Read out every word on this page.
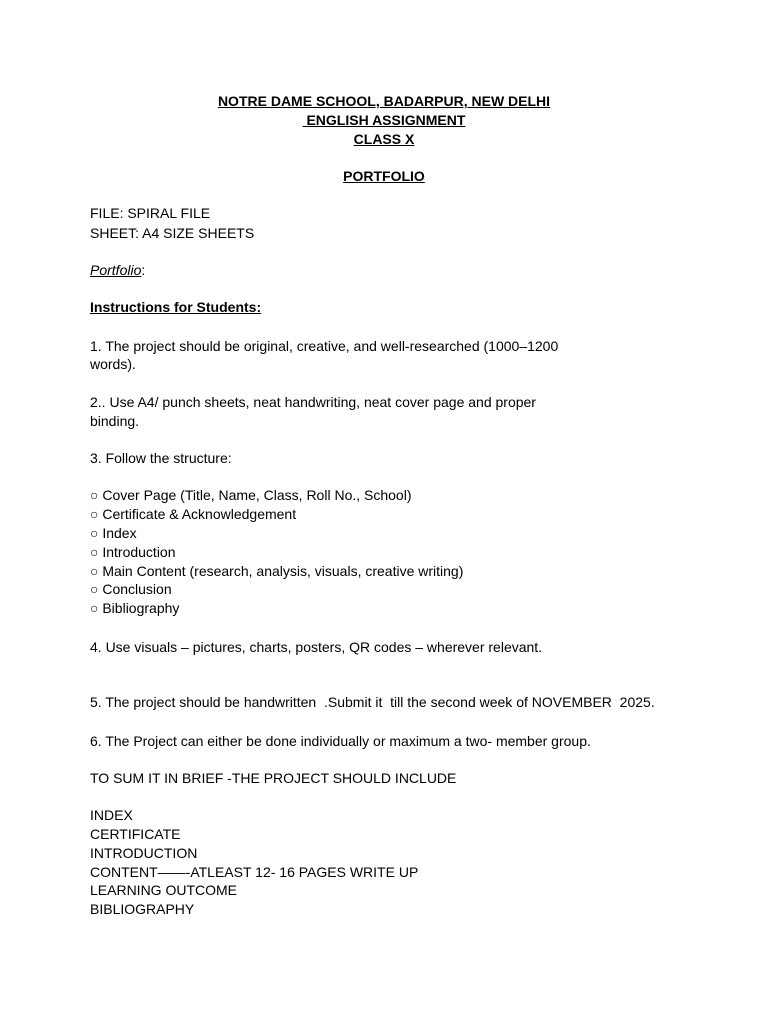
NOTRE DAME SCHOOL, BADARPUR, NEW DELHI
ENGLISH ASSIGNMENT
CLASS X
PORTFOLIO
FILE: SPIRAL FILE
SHEET: A4 SIZE SHEETS
Portfolio:
Instructions for Students:
1. The project should be original, creative, and well-researched (1000–1200
words).
2.. Use A4/ punch sheets, neat handwriting, neat cover page and proper
binding.
3. Follow the structure:
○ Cover Page (Title, Name, Class, Roll No., School)
○ Certificate & Acknowledgement
○ Index
○ Introduction
○ Main Content (research, analysis, visuals, creative writing)
○ Conclusion
○ Bibliography
4. Use visuals – pictures, charts, posters, QR codes – wherever relevant.
5. The project should be handwritten  .Submit it  till the second week of NOVEMBER  2025.
6. The Project can either be done individually or maximum a two- member group.
TO SUM IT IN BRIEF -THE PROJECT SHOULD INCLUDE
INDEX
CERTIFICATE
INTRODUCTION
CONTENT——-ATLEAST 12- 16 PAGES WRITE UP
LEARNING OUTCOME
BIBLIOGRAPHY
